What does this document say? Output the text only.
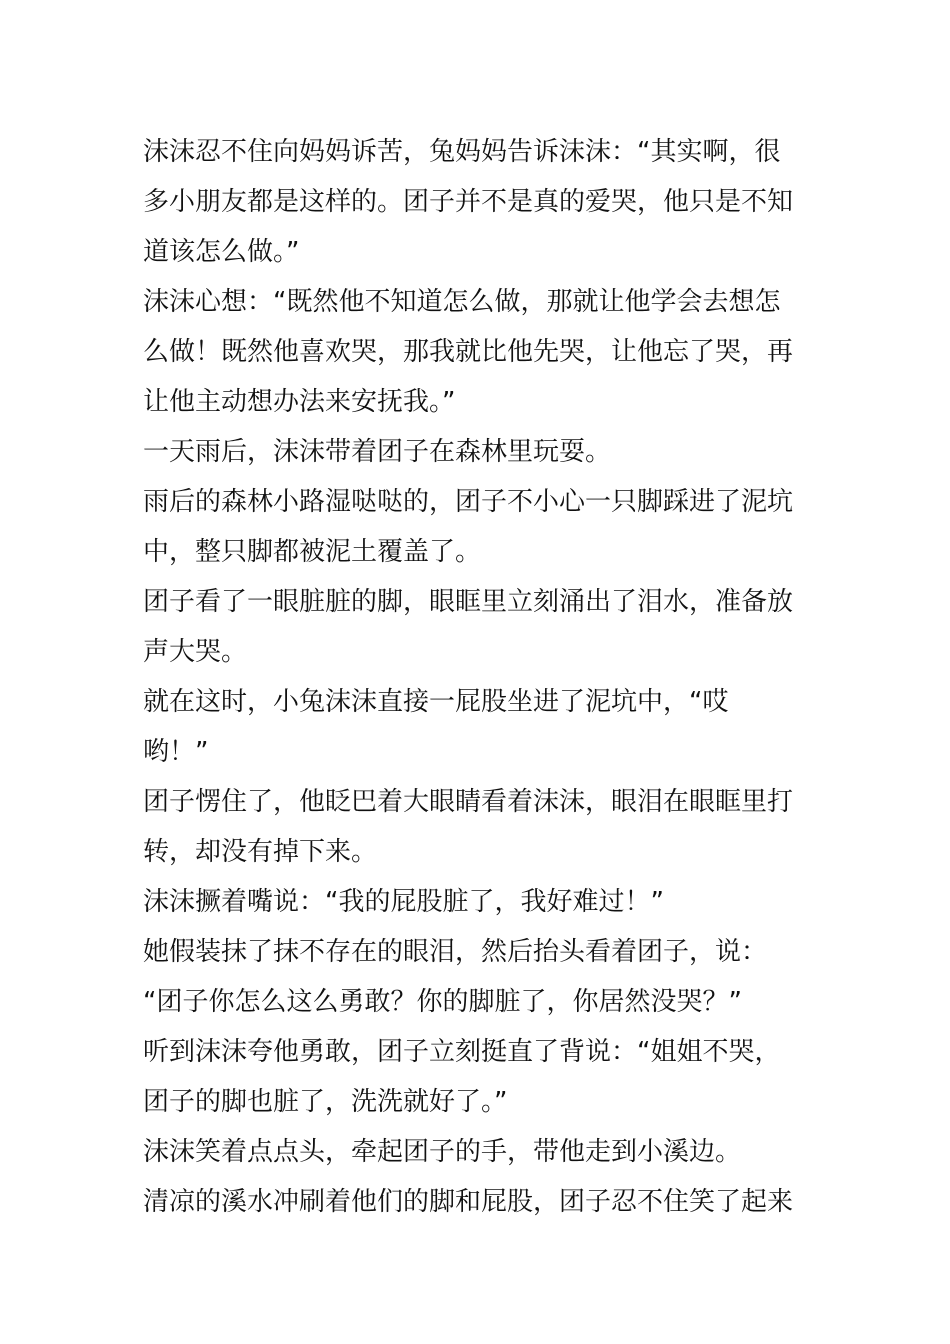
沫沫忍不住向妈妈诉苦，兔妈妈告诉沫沫：“其实啊，很
多小朋友都是这样的。团子并不是真的爱哭，他只是不知
道该怎么做。”
沫沫心想：“既然他不知道怎么做，那就让他学会去想怎
么做！既然他喜欢哭，那我就比他先哭，让他忘了哭，再
让他主动想办法来安抚我。”
一天雨后，沫沫带着团子在森林里玩耍。
雨后的森林小路湿哒哒的，团子不小心一只脚踩进了泥坑
中，整只脚都被泥土覆盖了。
团子看了一眼脏脏的脚，眼眶里立刻涌出了泪水，准备放
声大哭。
就在这时，小兔沫沫直接一屁股坐进了泥坑中，“哎
哟！”
团子愣住了，他眨巴着大眼睛看着沫沫，眼泪在眼眶里打
转，却没有掉下来。
沫沫撅着嘴说：“我的屁股脏了，我好难过！”
她假装抹了抹不存在的眼泪，然后抬头看着团子，说：
“团子你怎么这么勇敢？你的脚脏了，你居然没哭？”
听到沫沫夸他勇敢，团子立刻挺直了背说：“姐姐不哭，
团子的脚也脏了，洗洗就好了。”
沫沫笑着点点头，牵起团子的手，带他走到小溪边。
清凉的溪水冲刷着他们的脚和屁股，团子忍不住笑了起来
